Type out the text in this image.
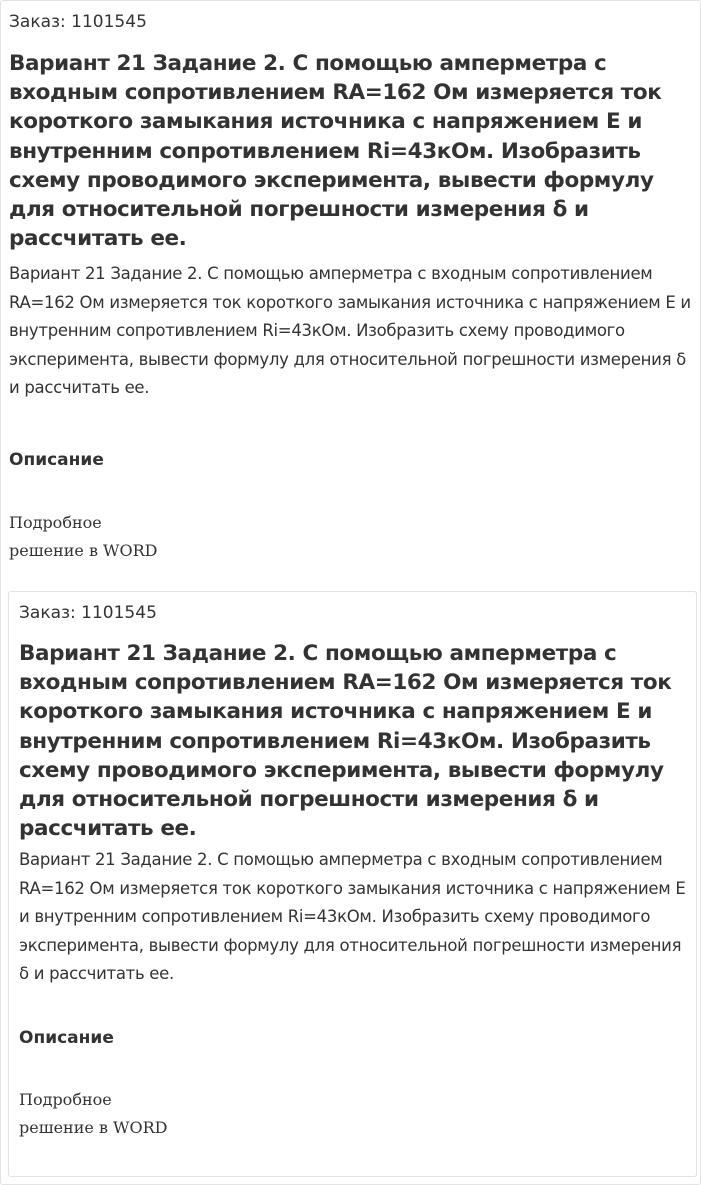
Заказ: 1101545

Вариант 21 Задание 2. С помощью амперметра с входным сопротивлением RA=162 Ом измеряется ток короткого замыкания источника с напряжением E и внутренним сопротивлением Ri=43кОм. Изобразить схему проводимого эксперимента, вывести формулу для относительной погрешности измерения δ и рассчитать ее.

Вариант 21 Задание 2. С помощью амперметра с входным сопротивлением RA=162 Ом измеряется ток короткого замыкания источника с напряжением E и внутренним сопротивлением Ri=43кОм. Изобразить схему проводимого эксперимента, вывести формулу для относительной погрешности измерения δ и рассчитать ее.

Описание
Подробное
решение в WORD

Заказ: 1101545

Вариант 21 Задание 2. С помощью амперметра с входным сопротивлением RA=162 Ом измеряется ток короткого замыкания источника с напряжением E и внутренним сопротивлением Ri=43кОм. Изобразить схему проводимого эксперимента, вывести формулу для относительной погрешности измерения δ и рассчитать ее.

Вариант 21 Задание 2. С помощью амперметра с входным сопротивлением RA=162 Ом измеряется ток короткого замыкания источника с напряжением E и внутренним сопротивлением Ri=43кОм. Изобразить схему проводимого эксперимента, вывести формулу для относительной погрешности измерения δ и рассчитать ее.

Описание
Подробное
решение в WORD
